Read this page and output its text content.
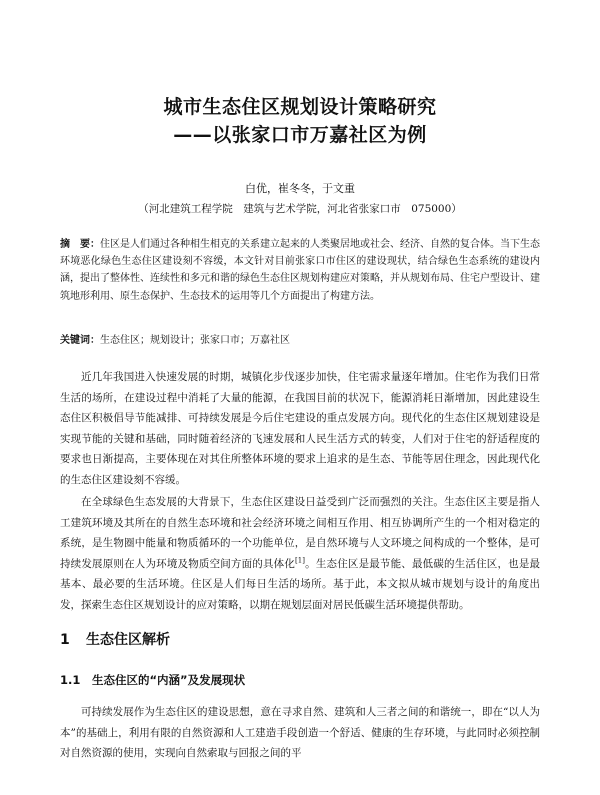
城市生态住区规划设计策略研究
——以张家口市万嘉社区为例
白优，崔冬冬，于文重
（河北建筑工程学院　建筑与艺术学院，河北省张家口市　075000）
摘　要：住区是人们通过各种相生相克的关系建立起来的人类聚居地或社会、经济、自然的复合体。当下生态环境恶化绿色生态住区建设刻不容缓，本文针对目前张家口市住区的建设现状，结合绿色生态系统的建设内涵，提出了整体性、连续性和多元和谐的绿色生态住区规划构建应对策略，并从规划布局、住宅户型设计、建筑地形利用、原生态保护、生态技术的运用等几个方面提出了构建方法。
关键词：生态住区；规划设计；张家口市；万嘉社区

近几年我国进入快速发展的时期，城镇化步伐逐步加快，住宅需求量逐年增加。住宅作为我们日常生活的场所，在建设过程中消耗了大量的能源，在我国目前的状况下，能源消耗日渐增加，因此建设生态住区积极倡导节能减排、可持续发展是今后住宅建设的重点发展方向。现代化的生态住区规划建设是实现节能的关键和基础，同时随着经济的飞速发展和人民生活方式的转变，人们对于住宅的舒适程度的要求也日渐提高，主要体现在对其住所整体环境的要求上追求的是生态、节能等居住理念，因此现代化的生态住区建设刻不容缓。

在全球绿色生态发展的大背景下，生态住区建设日益受到广泛而强烈的关注。生态住区主要是指人工建筑环境及其所在的自然生态环境和社会经济环境之间相互作用、相互协调所产生的一个相对稳定的系统，是生物圈中能量和物质循环的一个功能单位，是自然环境与人文环境之间构成的一个整体，是可持续发展原则在人为环境及物质空间方面的具体化[1]。生态住区是最节能、最低碳的生活住区，也是最基本、最必要的生活环境。住区是人们每日生活的场所。基于此，本文拟从城市规划与设计的角度出发，探索生态住区规划设计的应对策略，以期在规划层面对居民低碳生活环境提供帮助。

1 生态住区解析
1.1 生态住区的“内涵”及发展现状

可持续发展作为生态住区的建设思想，意在寻求自然、建筑和人三者之间的和谐统一，即在“以人为本”的基础上，利用有限的自然资源和人工建造手段创造一个舒适、健康的生存环境，与此同时必须控制对自然资源的使用，实现向自然索取与回报之间的平
